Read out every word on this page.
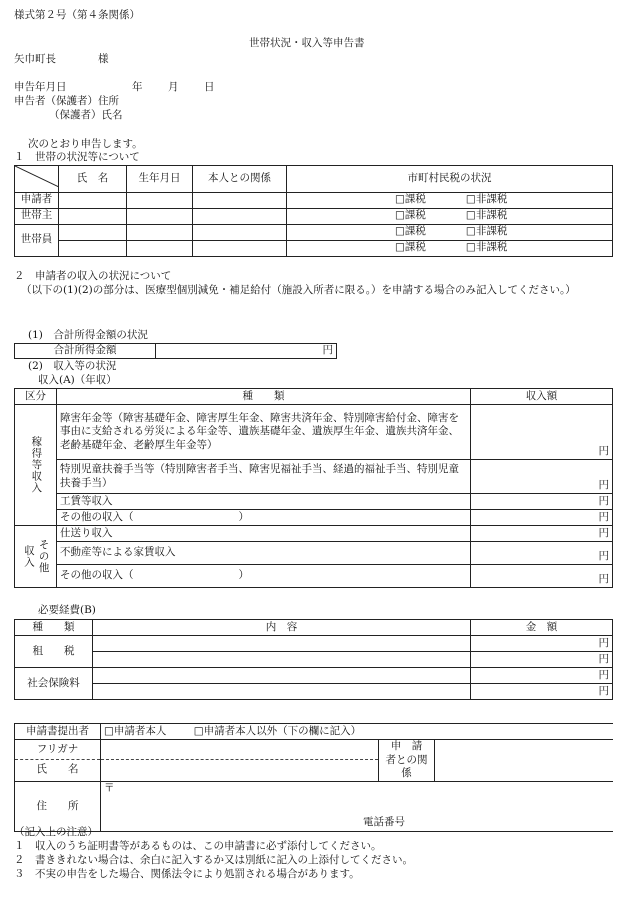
様式第２号（第４条関係）
世帯状況・収入等申告書
矢巾町長　　　　様
申告年月日	年 月 日
申告者（保護者）住所
（保護者）氏名
次のとおり申告します。
１　世帯の状況等について
	氏　名	生年月日	本人との関係	市町村民税の状況
申請者				□課税 □非課税
世帯主				□課税 □非課税
世帯員				□課税 □非課税
				□課税 □非課税
２　申請者の収入の状況について
（以下の(1)(2)の部分は、医療型個別減免・補足給付（施設入所者に限る。）を申請する場合のみ記入してください。）
(1)　合計所得金額の状況
合計所得金額	円
(2)　収入等の状況
収入(A)（年収）
区分	種　　類	収入額

稼得等収入	障害年金等（障害基礎年金、障害厚生年金、障害共済年金、特別障害給付金、障害を事由に支給される労災による年金等、遺族基礎年金、遺族厚生年金、遺族共済年金、老齢基礎年金、老齢厚生年金等）	円
	特別児童扶養手当等（特別障害者手当、障害児福祉手当、経過的福祉手当、特別児童扶養手当）	円
	工賃等収入	円
	その他の収入（　　　　　　　　　　）	円

収入 その他	仕送り収入	円
	不動産等による家賃収入	円
	その他の収入（　　　　　　　　　　）	円
必要経費(B)
種　　類	内　容	金　額
租　　税		円
		円
社会保険料		円
		円
申請書提出者	□申請者本人 □申請者本人以外（下の欄に記入）		
フリガナ		申　請　者との関係	
氏　　名			
住　　所	〒
電話番号		
（記入上の注意）
１　収入のうち証明書等があるものは、この申請書に必ず添付してください。
２　書ききれない場合は、余白に記入するか又は別紙に記入の上添付してください。
３　不実の申告をした場合、関係法令により処罰される場合があります。
